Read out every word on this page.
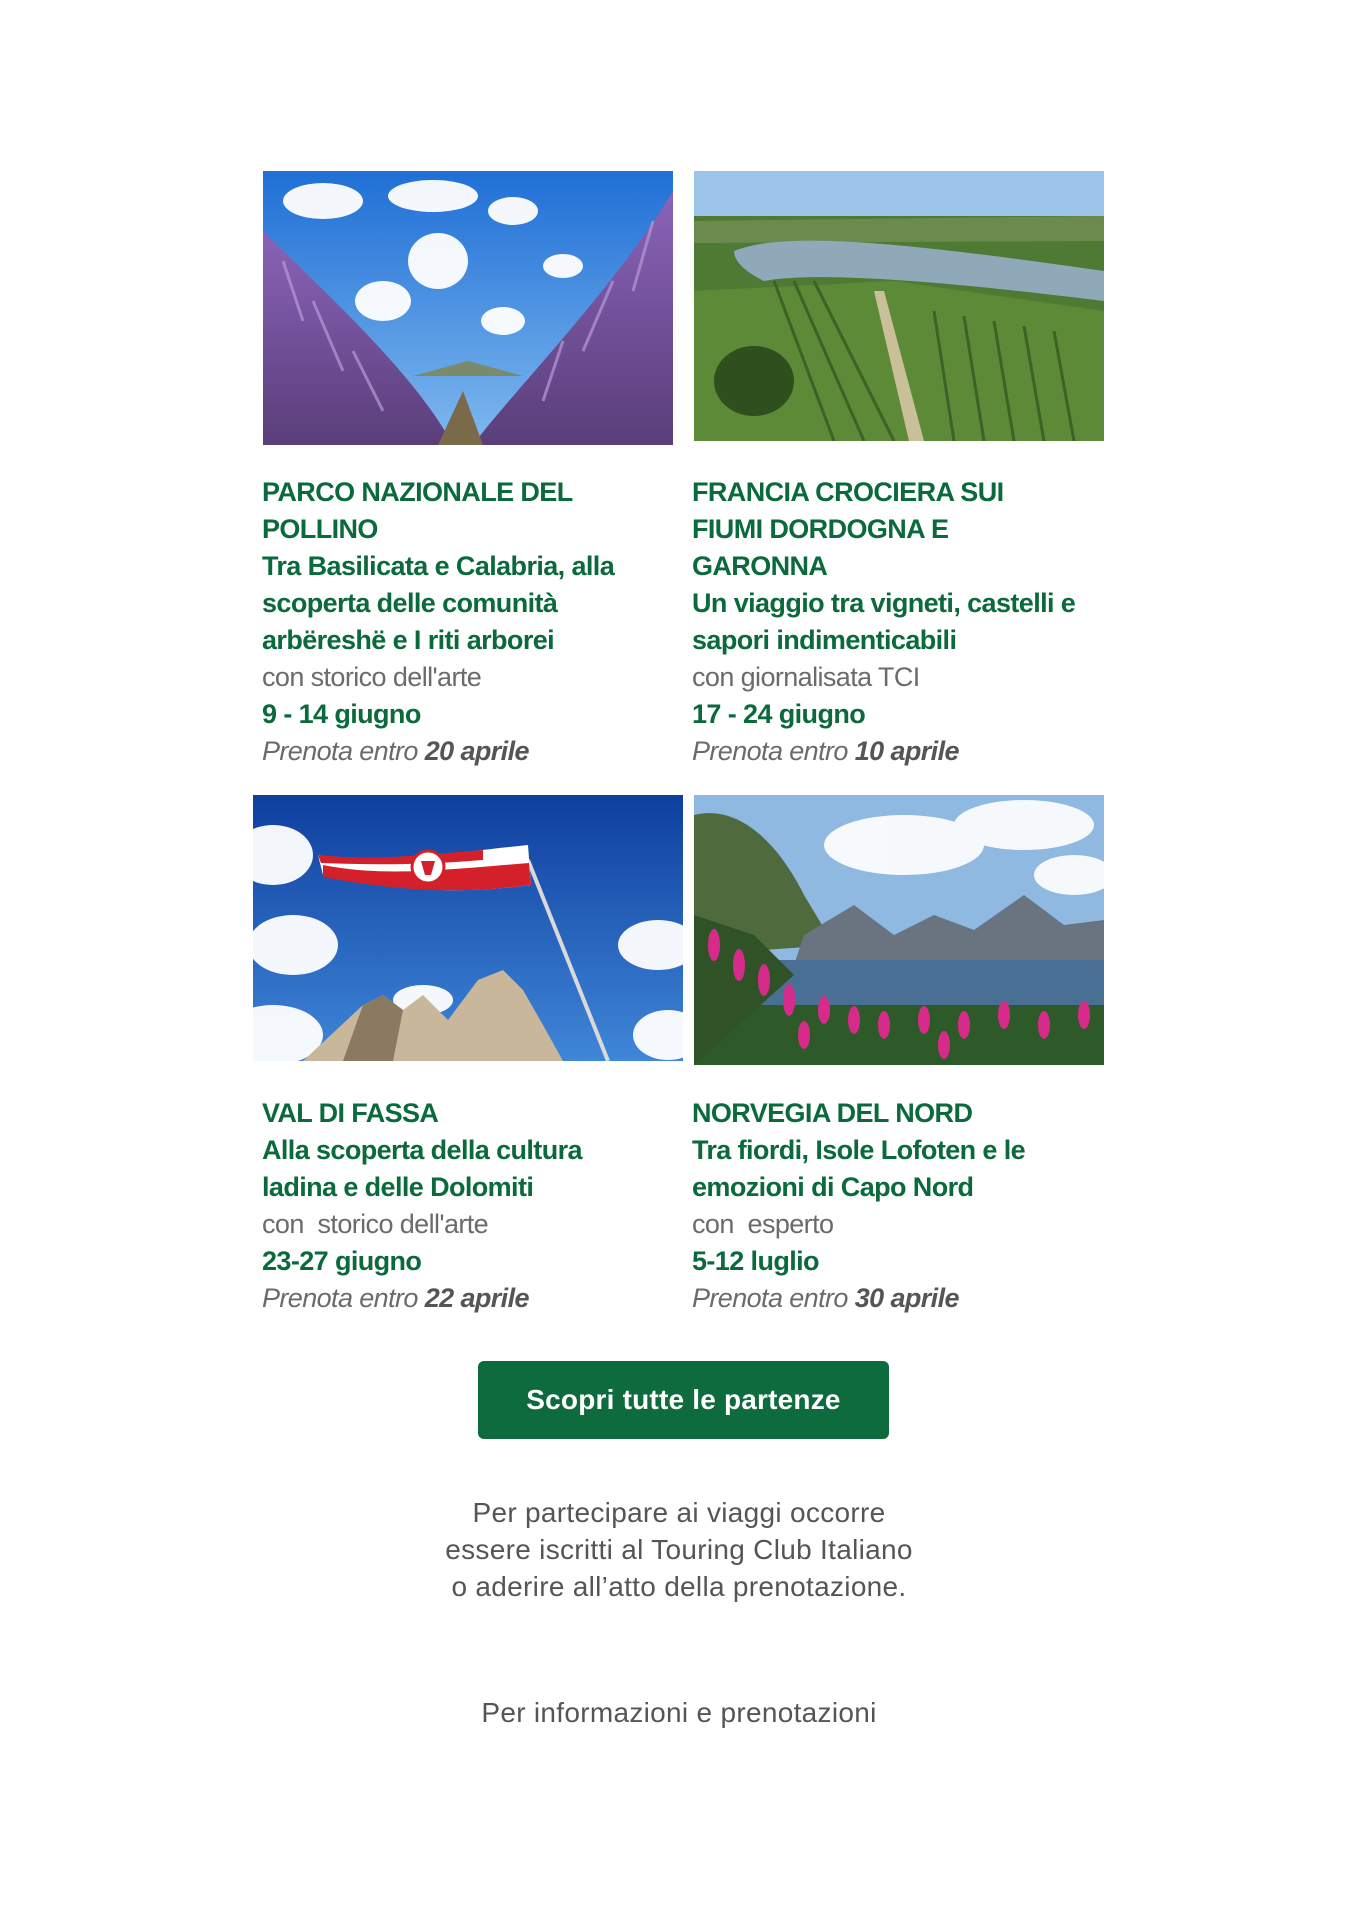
PARCO NAZIONALE DEL
POLLINO
Tra Basilicata e Calabria, alla
scoperta delle comunità
arbëreshë e I riti arborei
con storico dell'arte
9 - 14 giugno
Prenota entro 20 aprile
FRANCIA CROCIERA SUI
FIUMI DORDOGNA E
GARONNA
Un viaggio tra vigneti, castelli e
sapori indimenticabili
con giornalisata TCI
17 - 24 giugno
Prenota entro 10 aprile
VAL DI FASSA
Alla scoperta della cultura
ladina e delle Dolomiti
con  storico dell'arte
23-27 giugno
Prenota entro 22 aprile
NORVEGIA DEL NORD
Tra fiordi, Isole Lofoten e le
emozioni di Capo Nord
con  esperto
5-12 luglio
Prenota entro 30 aprile
Scopri tutte le partenze
Per partecipare ai viaggi occorre
essere iscritti al Touring Club Italiano
o aderire all’atto della prenotazione.
Per informazioni e prenotazioni
